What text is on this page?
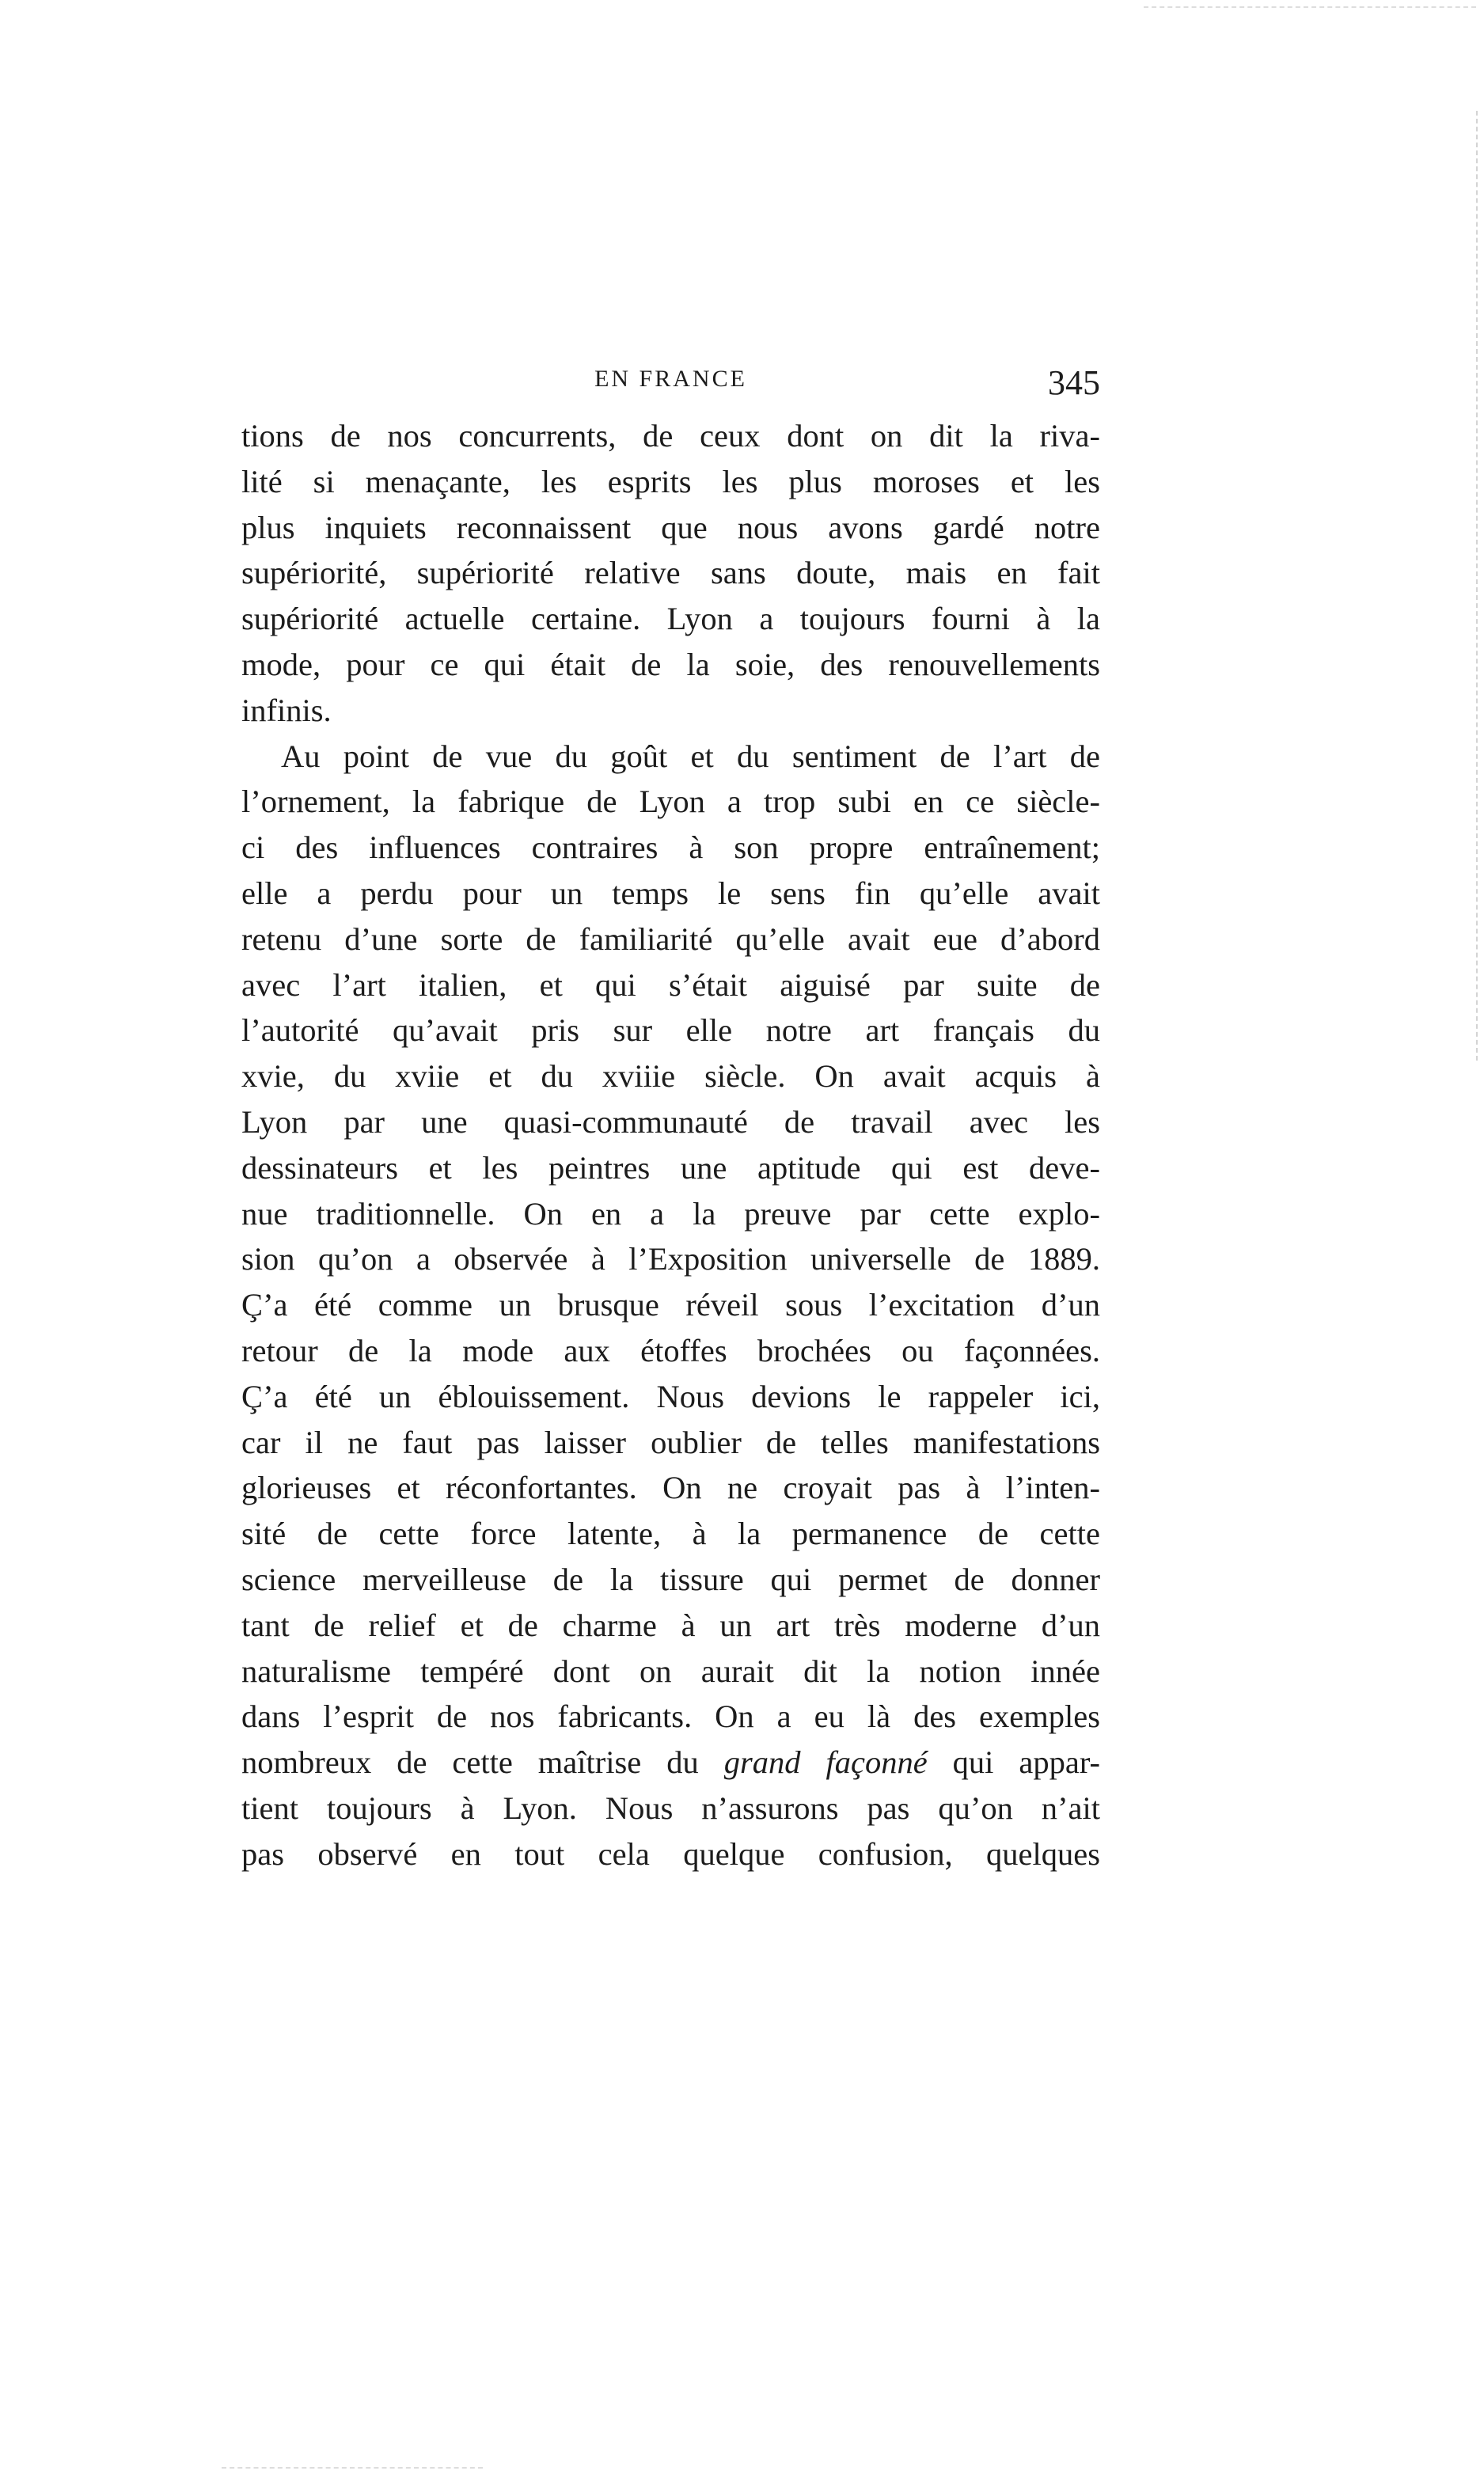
EN FRANCE	345
tions de nos concurrents, de ceux dont on dit la riva-
lité si menaçante, les esprits les plus moroses et les
plus inquiets reconnaissent que nous avons gardé notre
supériorité, supériorité relative sans doute, mais en fait
supériorité actuelle certaine. Lyon a toujours fourni à la
mode, pour ce qui était de la soie, des renouvellements
infinis.
Au point de vue du goût et du sentiment de l’art de
l’ornement, la fabrique de Lyon a trop subi en ce siècle-
ci des influences contraires à son propre entraînement;
elle a perdu pour un temps le sens fin qu’elle avait
retenu d’une sorte de familiarité qu’elle avait eue d’abord
avec l’art italien, et qui s’était aiguisé par suite de
l’autorité qu’avait pris sur elle notre art français du
xvie, du xviie et du xviiie siècle. On avait acquis à
Lyon par une quasi-communauté de travail avec les
dessinateurs et les peintres une aptitude qui est deve-
nue traditionnelle. On en a la preuve par cette explo-
sion qu’on a observée à l’Exposition universelle de 1889.
Ç’a été comme un brusque réveil sous l’excitation d’un
retour de la mode aux étoffes brochées ou façonnées.
Ç’a été un éblouissement. Nous devions le rappeler ici,
car il ne faut pas laisser oublier de telles manifestations
glorieuses et réconfortantes. On ne croyait pas à l’inten-
sité de cette force latente, à la permanence de cette
science merveilleuse de la tissure qui permet de donner
tant de relief et de charme à un art très moderne d’un
naturalisme tempéré dont on aurait dit la notion innée
dans l’esprit de nos fabricants. On a eu là des exemples
nombreux de cette maîtrise du grand façonné qui appar-
tient toujours à Lyon. Nous n’assurons pas qu’on n’ait
pas observé en tout cela quelque confusion, quelques
